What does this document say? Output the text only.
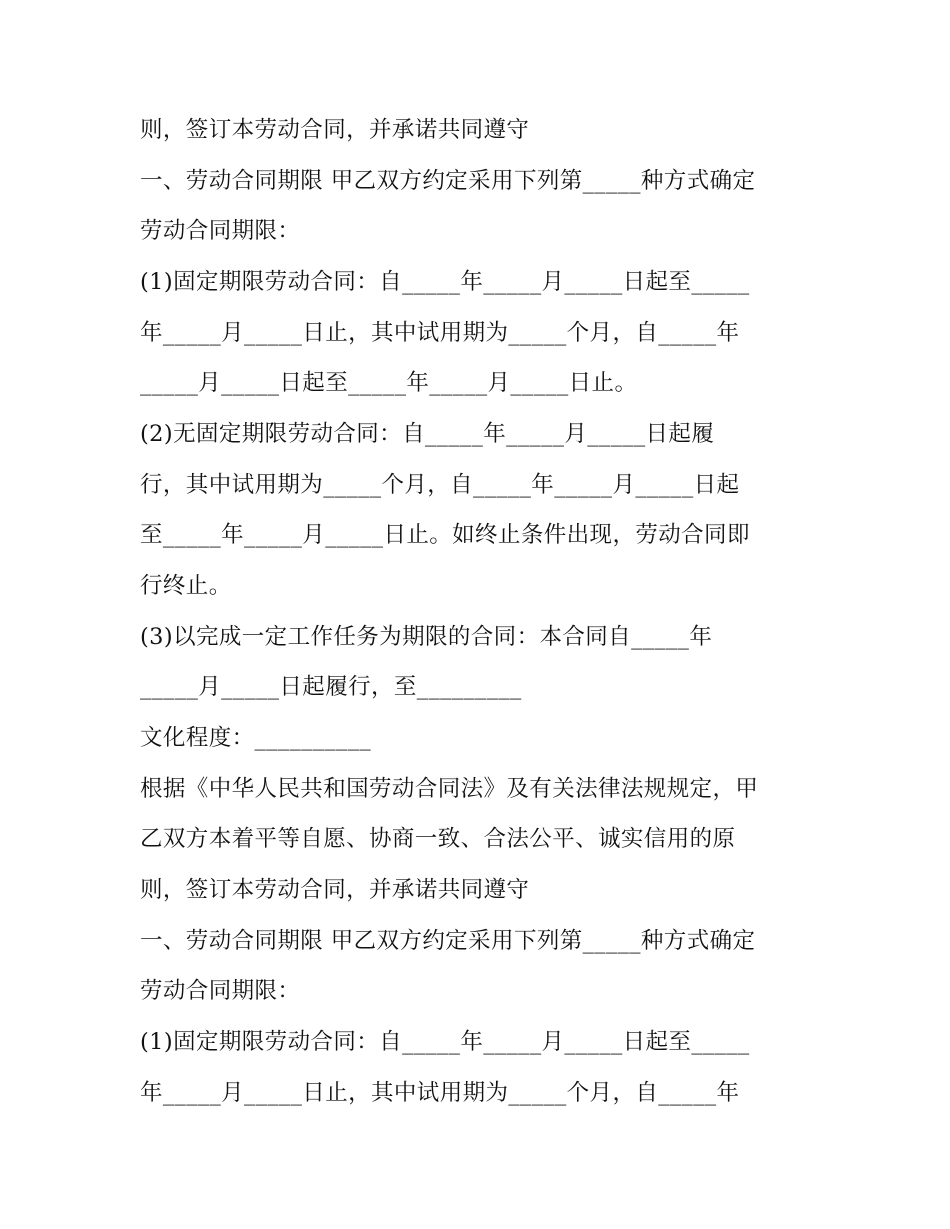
则，签订本劳动合同，并承诺共同遵守
一、劳动合同期限 甲乙双方约定采用下列第_____种方式确定
劳动合同期限：
(1)固定期限劳动合同：自_____年_____月_____日起至_____
年_____月_____日止，其中试用期为_____个月，自_____年
_____月_____日起至_____年_____月_____日止。
(2)无固定期限劳动合同：自_____年_____月_____日起履
行，其中试用期为_____个月，自_____年_____月_____日起
至_____年_____月_____日止。如终止条件出现，劳动合同即
行终止。
(3)以完成一定工作任务为期限的合同：本合同自_____年
_____月_____日起履行，至_________
文化程度：__________
根据《中华人民共和国劳动合同法》及有关法律法规规定，甲
乙双方本着平等自愿、协商一致、合法公平、诚实信用的原
则，签订本劳动合同，并承诺共同遵守
一、劳动合同期限 甲乙双方约定采用下列第_____种方式确定
劳动合同期限：
(1)固定期限劳动合同：自_____年_____月_____日起至_____
年_____月_____日止，其中试用期为_____个月，自_____年
